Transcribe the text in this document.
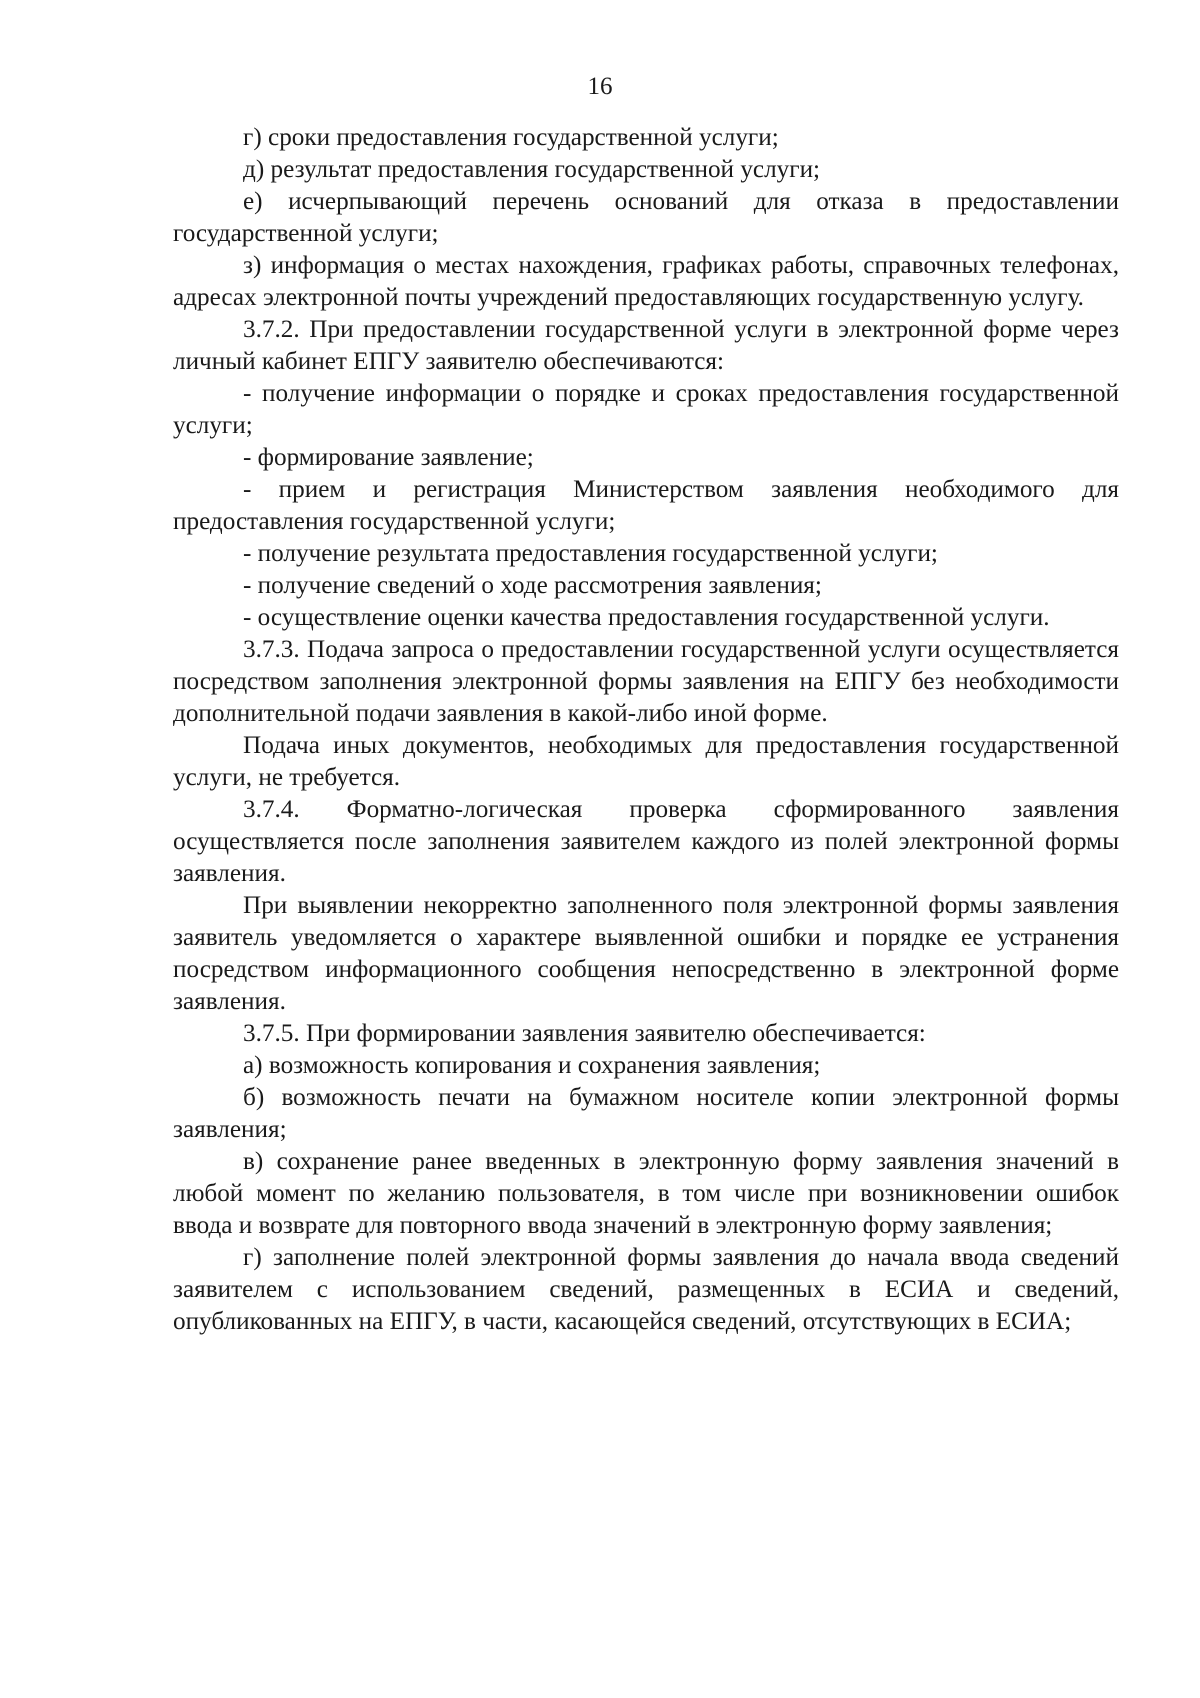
16

г) сроки предоставления государственной услуги;

д) результат предоставления государственной услуги;

е) исчерпывающий перечень оснований для отказа в предоставлении государственной услуги;

з) информация о местах нахождения, графиках работы, справочных телефонах, адресах электронной почты учреждений предоставляющих государственную услугу.

3.7.2. При предоставлении государственной услуги в электронной форме через личный кабинет ЕПГУ заявителю обеспечиваются:

- получение информации о порядке и сроках предоставления государственной услуги;

- формирование заявление;

- прием и регистрация Министерством заявления необходимого для предоставления государственной услуги;

- получение результата предоставления государственной услуги;

- получение сведений о ходе рассмотрения заявления;

- осуществление оценки качества предоставления государственной услуги.

3.7.3. Подача запроса о предоставлении государственной услуги осуществляется посредством заполнения электронной формы заявления на ЕПГУ без необходимости дополнительной подачи заявления в какой-либо иной форме.

Подача иных документов, необходимых для предоставления государственной услуги, не требуется.

3.7.4. Форматно-логическая проверка сформированного заявления осуществляется после заполнения заявителем каждого из полей электронной формы заявления.

При выявлении некорректно заполненного поля электронной формы заявления заявитель уведомляется о характере выявленной ошибки и порядке ее устранения посредством информационного сообщения непосредственно в электронной форме заявления.

3.7.5. При формировании заявления заявителю обеспечивается:

а) возможность копирования и сохранения заявления;

б) возможность печати на бумажном носителе копии электронной формы заявления;

в) сохранение ранее введенных в электронную форму заявления значений в любой момент по желанию пользователя, в том числе при возникновении ошибок ввода и возврате для повторного ввода значений в электронную форму заявления;

г) заполнение полей электронной формы заявления до начала ввода сведений заявителем с использованием сведений, размещенных в ЕСИА и сведений, опубликованных на ЕПГУ, в части, касающейся сведений, отсутствующих в ЕСИА;
